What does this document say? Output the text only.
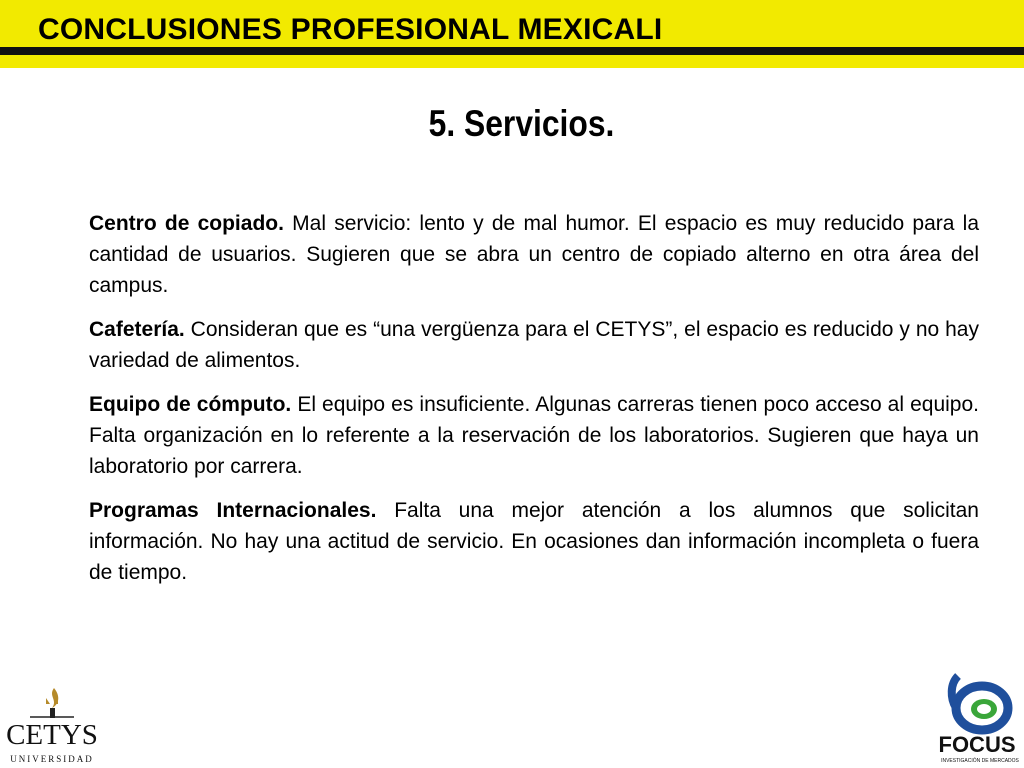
CONCLUSIONES PROFESIONAL MEXICALI
5. Servicios.

Centro de copiado. Mal servicio: lento y de mal humor. El espacio es muy reducido para la cantidad de usuarios. Sugieren que se abra un centro de copiado alterno en otra área del campus.

Cafetería. Consideran que es “una vergüenza para el CETYS”, el espacio es reducido y no hay variedad de alimentos.

Equipo de cómputo. El equipo es insuficiente. Algunas carreras tienen poco acceso al equipo. Falta organización en lo referente a la reservación de los laboratorios. Sugieren que haya un laboratorio por carrera.

Programas Internacionales. Falta una mejor atención a los alumnos que solicitan información. No hay una actitud de servicio. En ocasiones dan información incompleta o fuera de tiempo.

CETYS
UNIVERSIDAD
FOCUS
INVESTIGACIÓN DE MERCADOS
